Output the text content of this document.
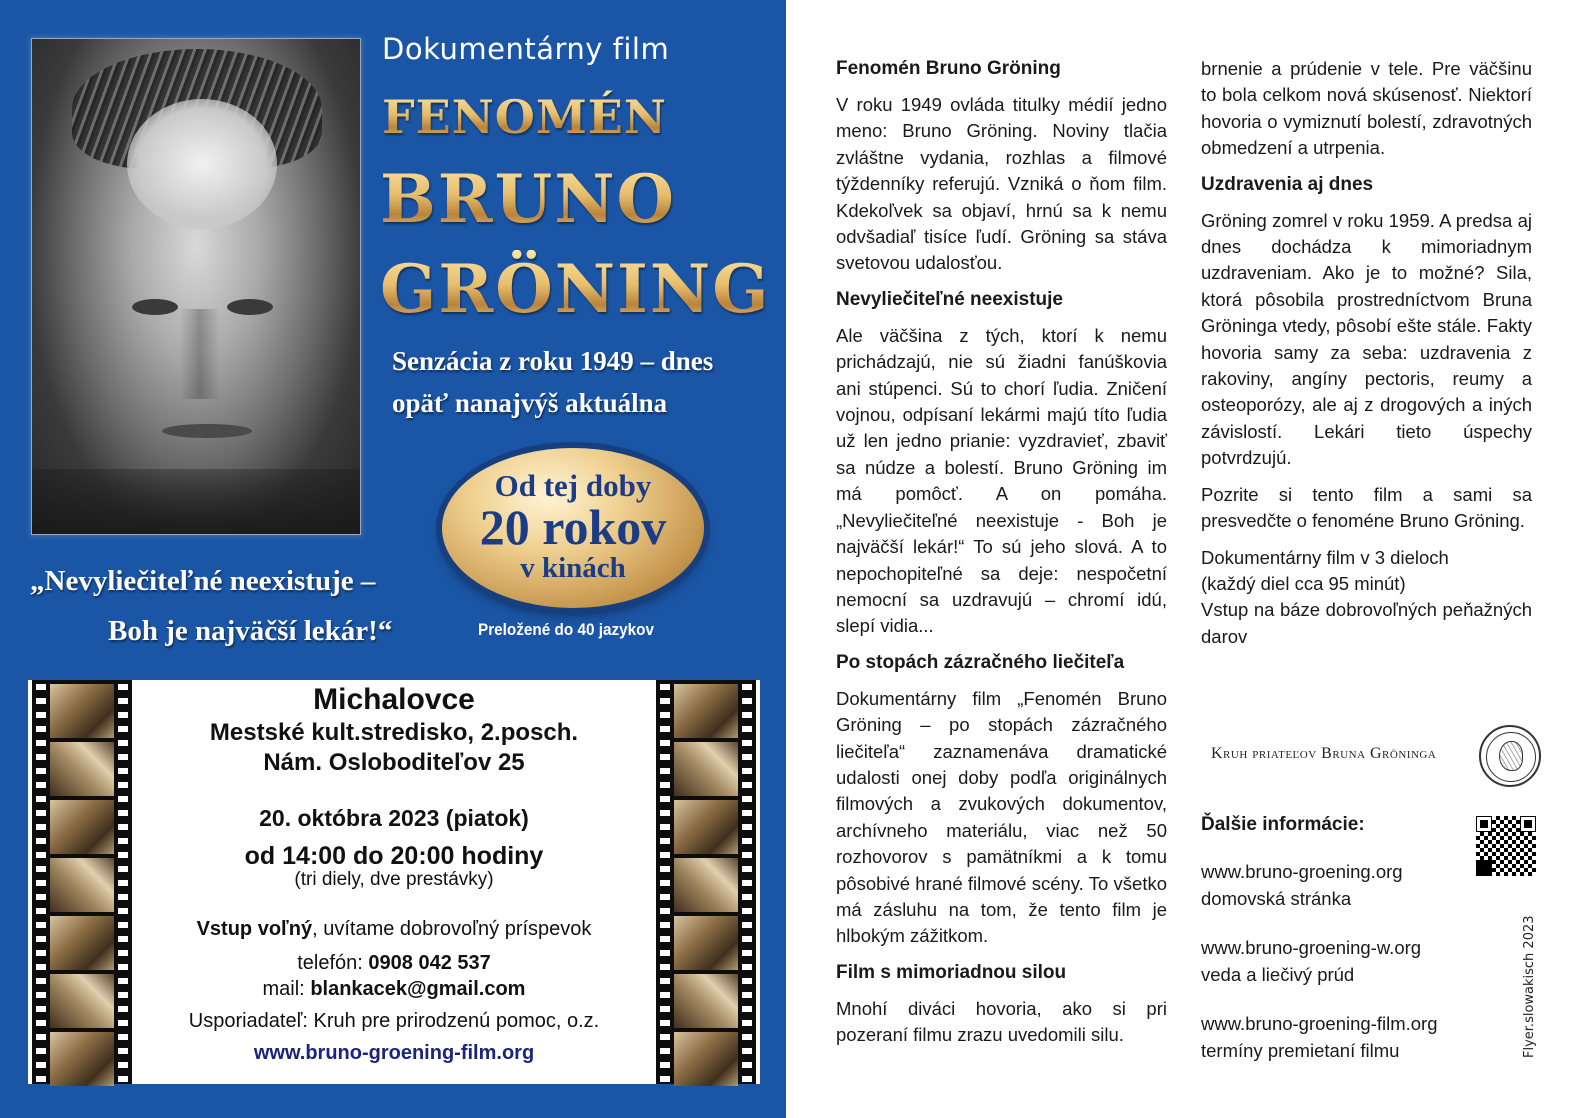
Dokumentárny film
FENOMÉN
BRUNO
GRÖNING
Senzácia z roku 1949 – dnes
opäť nanajvýš aktuálna
Od tej doby
20 rokov
v kinách
„Nevyliečiteľné neexistuje –
Boh je najväčší lekár!“	Preložené do 40 jazykov
Michalovce
Mestské kult.stredisko, 2.posch.
Nám. Osloboditeľov 25
20. októbra 2023 (piatok)
od 14:00 do 20:00 hodiny
(tri diely, dve prestávky)
Vstup voľný, uvítame dobrovoľný príspevok
telefón: 0908 042 537
mail: blankacek@gmail.com
Usporiadateľ: Kruh pre prirodzenú pomoc, o.z.
www.bruno-groening-film.org
Fenomén Bruno Gröning

V roku 1949 ovláda titulky médií jedno meno: Bruno Gröning. Noviny tlačia zvláštne vydania, rozhlas a filmové týždenníky referujú. Vzniká o ňom film. Kdekoľvek sa objaví, hrnú sa k nemu odvšadiaľ tisíce ľudí. Gröning sa stáva svetovou udalosťou.

Nevyliečiteľné neexistuje

Ale väčšina z tých, ktorí k nemu prichádzajú, nie sú žiadni fanúškovia ani stúpenci. Sú to chorí ľudia. Zničení vojnou, odpísaní lekármi majú títo ľudia už len jedno prianie: vyzdravieť, zbaviť sa núdze a bolestí. Bruno Gröning im má pomôcť. A on pomáha. „Nevyliečiteľné neexistuje - Boh je najväčší lekár!“ To sú jeho slová. A to nepochopiteľné sa deje: nespočetní nemocní sa uzdravujú – chromí idú, slepí vidia...

Po stopách zázračného liečiteľa

Dokumentárny film „Fenomén Bruno Gröning – po stopách zázračného liečiteľa“ zaznamenáva dramatické udalosti onej doby podľa originálnych filmových a zvukových dokumentov, archívneho materiálu, viac než 50 rozhovorov s pamätníkmi a k tomu pôsobivé hrané filmové scény. To všetko má zásluhu na tom, že tento film je hlbokým zážitkom.

Film s mimoriadnou silou

Mnohí diváci hovoria, ako si pri pozeraní filmu zrazu uvedomili silu.

brnenie a prúdenie v tele. Pre väčšinu to bola celkom nová skúsenosť. Niektorí hovoria o vymiznutí bolestí, zdravotných obmedzení a utrpenia.

Uzdravenia aj dnes

Gröning zomrel v roku 1959. A predsa aj dnes dochádza k mimoriadnym uzdraveniam. Ako je to možné? Sila, ktorá pôsobila prostredníctvom Bruna Gröninga vtedy, pôsobí ešte stále. Fakty hovoria samy za seba: uzdravenia z rakoviny, angíny pectoris, reumy a osteoporózy, ale aj z drogových a iných závislostí. Lekári tieto úspechy potvrdzujú.

Pozrite si tento film a sami sa presvedčte o fenoméne Bruno Gröning.

Dokumentárny film v 3 dieloch

(každý diel cca 95 minút)

Vstup na báze dobrovoľných peňažných darov

Kruh priateľov Bruna Gröninga
Ďalšie informácie:
www.bruno-groening.org
domovská stránka
www.bruno-groening-w.org
veda a liečivý prúd
www.bruno-groening-film.org
termíny premietaní filmu	Flyer.slowakisch 2023
